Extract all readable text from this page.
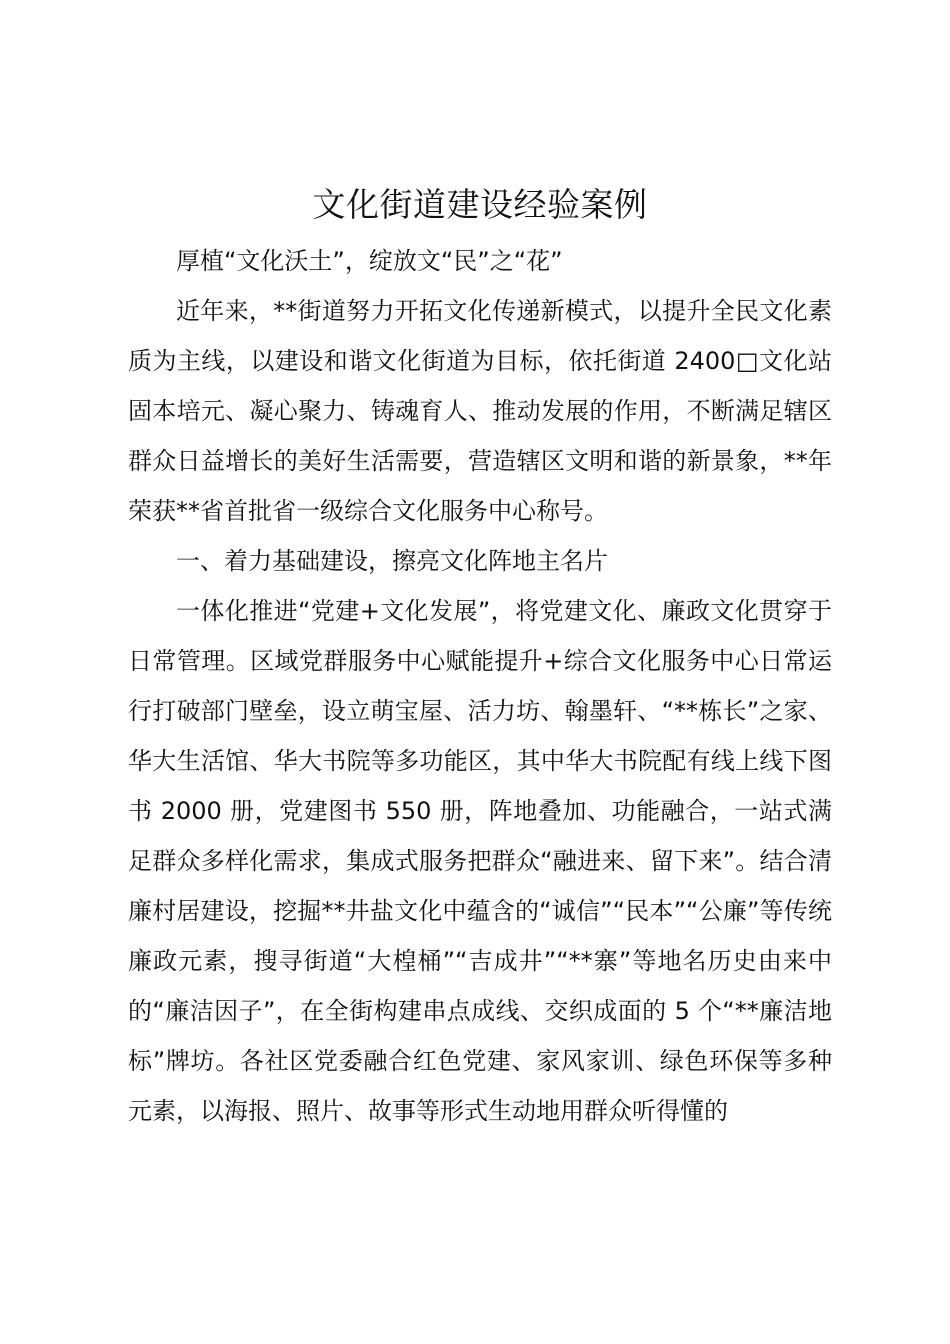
文化街道建设经验案例

厚植“文化沃土”，绽放文“民”之“花”

近年来，**街道努力开拓文化传递新模式，以提升全民文化素质为主线，以建设和谐文化街道为目标，依托街道 2400□文化站固本培元、凝心聚力、铸魂育人、推动发展的作用，不断满足辖区群众日益增长的美好生活需要，营造辖区文明和谐的新景象，**年荣获**省首批省一级综合文化服务中心称号。

一、着力基础建设，擦亮文化阵地主名片

一体化推进“党建+文化发展”，将党建文化、廉政文化贯穿于日常管理。区域党群服务中心赋能提升+综合文化服务中心日常运行打破部门壁垒，设立萌宝屋、活力坊、翰墨轩、“**栋长”之家、华大生活馆、华大书院等多功能区，其中华大书院配有线上线下图书 2000 册，党建图书 550 册，阵地叠加、功能融合，一站式满足群众多样化需求，集成式服务把群众“融进来、留下来”。结合清廉村居建设，挖掘**井盐文化中蕴含的“诚信”“民本”“公廉”等传统廉政元素，搜寻街道“大楻桶”“吉成井”“**寨”等地名历史由来中的“廉洁因子”，在全街构建串点成线、交织成面的 5 个“**廉洁地标”牌坊。各社区党委融合红色党建、家风家训、绿色环保等多种元素，以海报、照片、故事等形式生动地用群众听得懂的
